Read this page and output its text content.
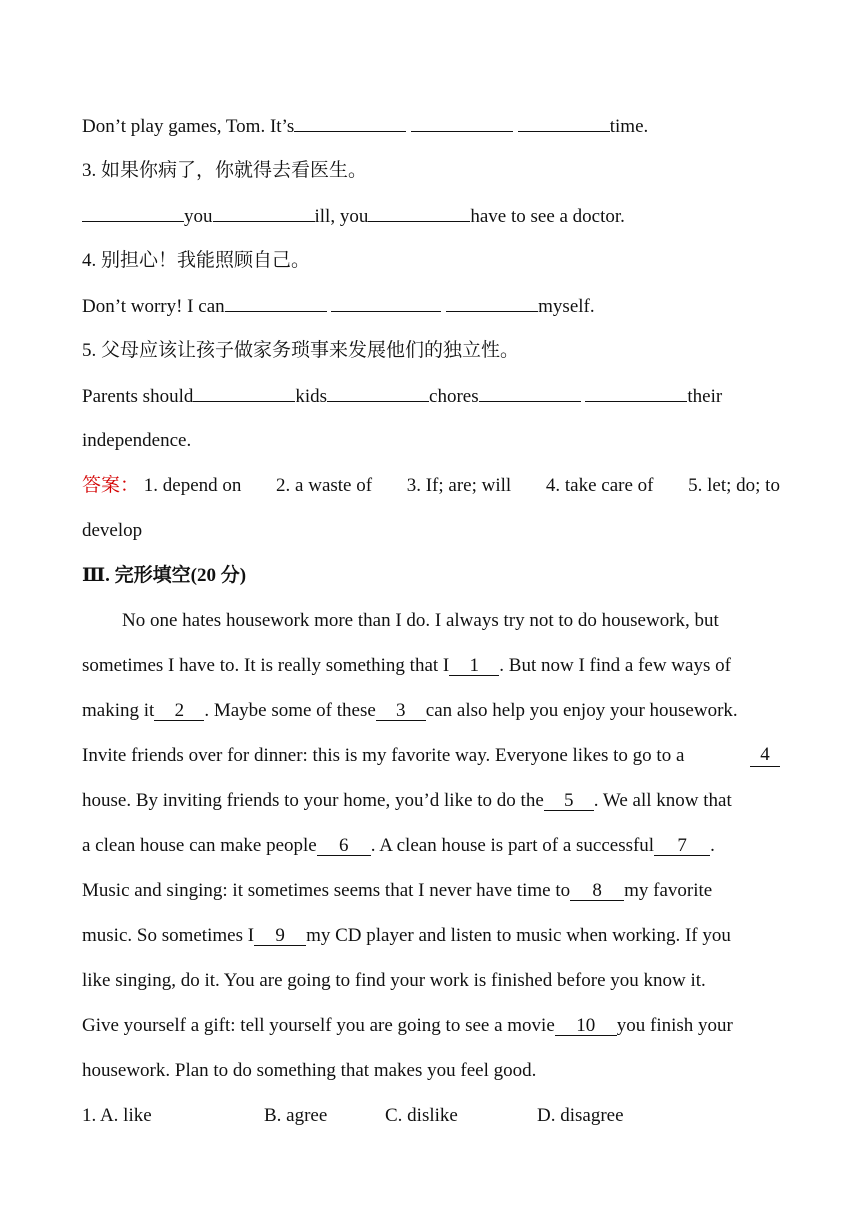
Don’t play games, Tom. It’s	time.
3. 如果你病了，你就得去看医生。
you	ill, you	have to see a doctor.
4. 别担心！我能照顾自己。
Don’t worry! I can	myself.
5. 父母应该让孩子做家务琐事来发展他们的独立性。
Parents should	kids	chores	their
independence.
答案： 1. depend on 2. a waste of 3. If; are; will 4. take care of 5. let; do; to
develop
Ⅲ. 完形填空(20 分)
No one hates housework more than I do. I always try not to do housework, but
sometimes I have to. It is really something that I 1 . But now I find a few ways of
making it 2 . Maybe some of these 3 can also help you enjoy your housework.
Invite friends over for dinner: this is my favorite way. Everyone likes to go to a	4
house. By inviting friends to your home, you’d like to do the 5 . We all know that
a clean house can make people 6 . A clean house is part of a successful 7 .
Music and singing: it sometimes seems that I never have time to 8 my favorite
music. So sometimes I 9 my CD player and listen to music when working. If you
like singing, do it. You are going to find your work is finished before you know it.
Give yourself a gift: tell yourself you are going to see a movie 10 you finish your
housework. Plan to do something that makes you feel good.
1. A. like	B. agree	C. dislike	D. disagree
